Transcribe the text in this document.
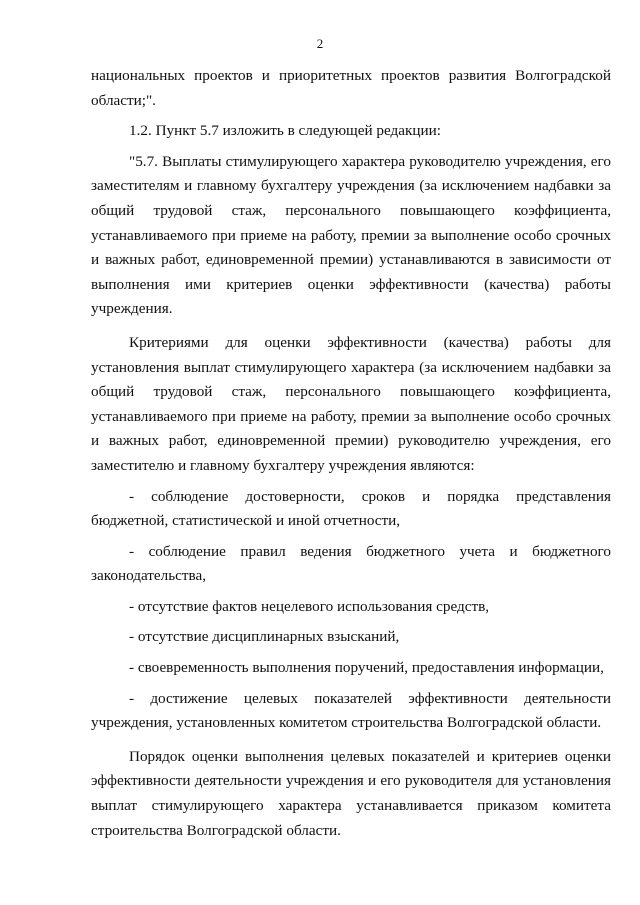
2

национальных проектов и приоритетных проектов развития Волгоградской области;".

1.2. Пункт 5.7 изложить в следующей редакции:

"5.7. Выплаты стимулирующего характера руководителю учреждения, его заместителям и главному бухгалтеру учреждения (за исключением надбавки за общий трудовой стаж, персонального повышающего коэффициента, устанавливаемого при приеме на работу, премии за выполнение особо срочных и важных работ, единовременной премии) устанавливаются в зависимости от выполнения ими критериев оценки эффективности (качества) работы учреждения.

Критериями для оценки эффективности (качества) работы для установления выплат стимулирующего характера (за исключением надбавки за общий трудовой стаж, персонального повышающего коэффициента, устанавливаемого при приеме на работу, премии за выполнение особо срочных и важных работ, единовременной премии) руководителю учреждения, его заместителю и главному бухгалтеру учреждения являются:

- соблюдение достоверности, сроков и порядка представления бюджетной, статистической и иной отчетности,

- соблюдение правил ведения бюджетного учета и бюджетного законодательства,

- отсутствие фактов нецелевого использования средств,

- отсутствие дисциплинарных взысканий,

- своевременность выполнения поручений, предоставления информации,

- достижение целевых показателей эффективности деятельности учреждения, установленных комитетом строительства Волгоградской области.

Порядок оценки выполнения целевых показателей и критериев оценки эффективности деятельности учреждения и его руководителя для установления выплат стимулирующего характера устанавливается приказом комитета строительства Волгоградской области.
